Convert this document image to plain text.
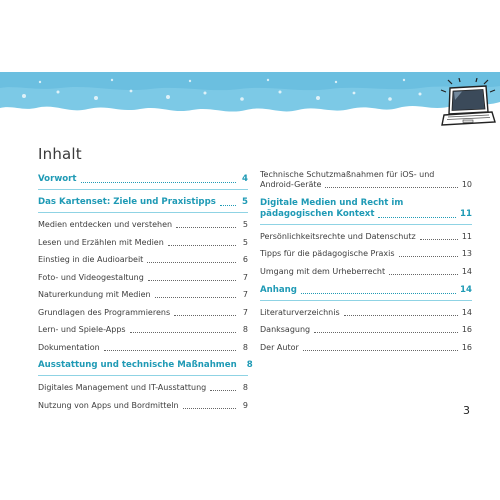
Inhalt
Vorwort	4
Das Kartenset: Ziele und Praxistipps	5
Medien entdecken und verstehen	5
Lesen und Erzählen mit Medien	5
Einstieg in die Audioarbeit	6
Foto- und Videogestaltung	7
Naturerkundung mit Medien	7
Grundlagen des Programmierens	7
Lern- und Spiele-Apps	8
Dokumentation	8
Ausstattung und technische Maßnahmen 8
Digitales Management und IT-Ausstattung	8
Nutzung von Apps und Bordmitteln	9
Technische Schutzmaßnahmen für iOS- und
Android-Geräte	10
Digitale Medien und Recht im
pädagogischen Kontext	11
Persönlichkeitsrechte und Datenschutz	11
Tipps für die pädagogische Praxis	13
Umgang mit dem Urheberrecht	14
Anhang	14
Literaturverzeichnis	14
Danksagung	16
Der Autor	16
3
